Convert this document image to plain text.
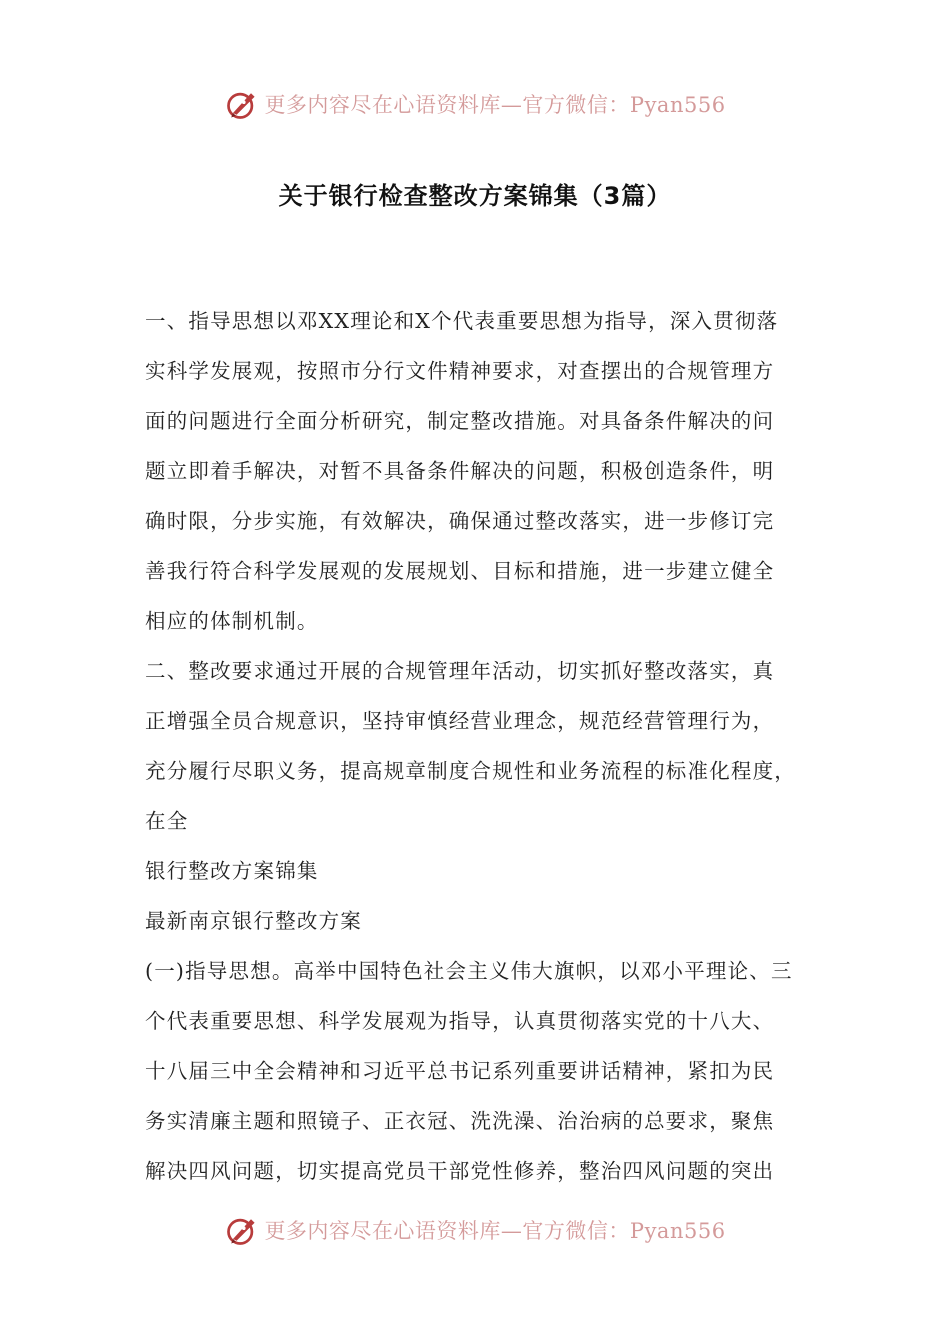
更多内容尽在心语资料库—官方微信：Pyan556
关于银行检查整改方案锦集（3篇）
一、指导思想以邓XX理论和X个代表重要思想为指导，深入贯彻落
实科学发展观，按照市分行文件精神要求，对查摆出的合规管理方
面的问题进行全面分析研究，制定整改措施。对具备条件解决的问
题立即着手解决，对暂不具备条件解决的问题，积极创造条件，明
确时限，分步实施，有效解决，确保通过整改落实，进一步修订完
善我行符合科学发展观的发展规划、目标和措施，进一步建立健全
相应的体制机制。
二、整改要求通过开展的合规管理年活动，切实抓好整改落实，真
正增强全员合规意识，坚持审慎经营业理念，规范经营管理行为，
充分履行尽职义务，提高规章制度合规性和业务流程的标准化程度，
在全
银行整改方案锦集
最新南京银行整改方案
(一)指导思想。高举中国特色社会主义伟大旗帜，以邓小平理论、三
个代表重要思想、科学发展观为指导，认真贯彻落实党的十八大、
十八届三中全会精神和习近平总书记系列重要讲话精神，紧扣为民
务实清廉主题和照镜子、正衣冠、洗洗澡、治治病的总要求，聚焦
解决四风问题，切实提高党员干部党性修养，整治四风问题的突出
更多内容尽在心语资料库—官方微信：Pyan556
